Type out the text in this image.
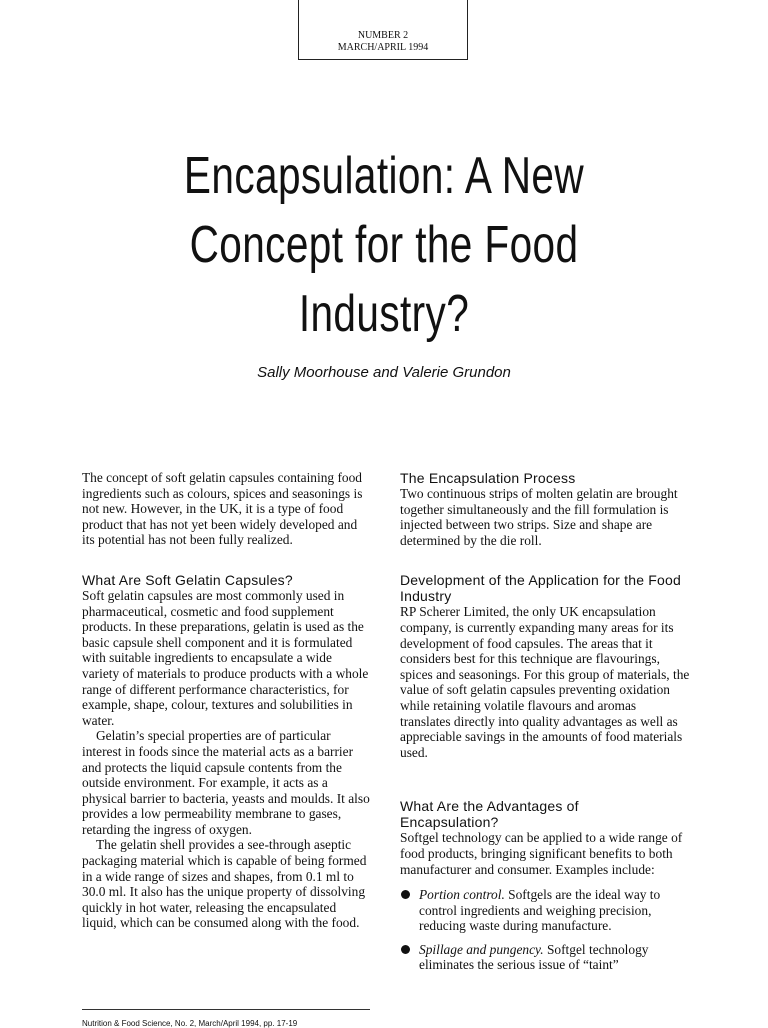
NUMBER 2
MARCH/APRIL 1994
Encapsulation: A New
Concept for the Food
Industry?
Sally Moorhouse and Valerie Grundon

The concept of soft gelatin capsules containing food ingredients such as colours, spices and seasonings is not new. However, in the UK, it is a type of food product that has not yet been widely developed and its potential has not been fully realized.

What Are Soft Gelatin Capsules?

Soft gelatin capsules are most commonly used in pharmaceutical, cosmetic and food supplement products. In these preparations, gelatin is used as the basic capsule shell component and it is formulated with suitable ingredients to encapsulate a wide variety of materials to produce products with a whole range of different performance characteristics, for example, shape, colour, textures and solubilities in water.

Gelatin’s special properties are of particular interest in foods since the material acts as a barrier and protects the liquid capsule contents from the outside environment. For example, it acts as a physical barrier to bacteria, yeasts and moulds. It also provides a low permeability membrane to gases, retarding the ingress of oxygen.

The gelatin shell provides a see-through aseptic packaging material which is capable of being formed in a wide range of sizes and shapes, from 0.1 ml to 30.0 ml. It also has the unique property of dissolving quickly in hot water, releasing the encapsulated liquid, which can be consumed along with the food.

The Encapsulation Process

Two continuous strips of molten gelatin are brought together simultaneously and the fill formulation is injected between two strips. Size and shape are determined by the die roll.

Development of the Application for the Food Industry

RP Scherer Limited, the only UK encapsulation company, is currently expanding many areas for its development of food capsules. The areas that it considers best for this technique are flavourings, spices and seasonings. For this group of materials, the value of soft gelatin capsules preventing oxidation while retaining volatile flavours and aromas translates directly into quality advantages as well as appreciable savings in the amounts of food materials used.

What Are the Advantages of Encapsulation?

Softgel technology can be applied to a wide range of food products, bringing significant benefits to both manufacturer and consumer. Examples include:

Portion control. Softgels are the ideal way to control ingredients and weighing precision, reducing waste during manufacture.
Spillage and pungency. Softgel technology eliminates the serious issue of “taint”
Nutrition & Food Science, No. 2, March/April 1994, pp. 17-19
